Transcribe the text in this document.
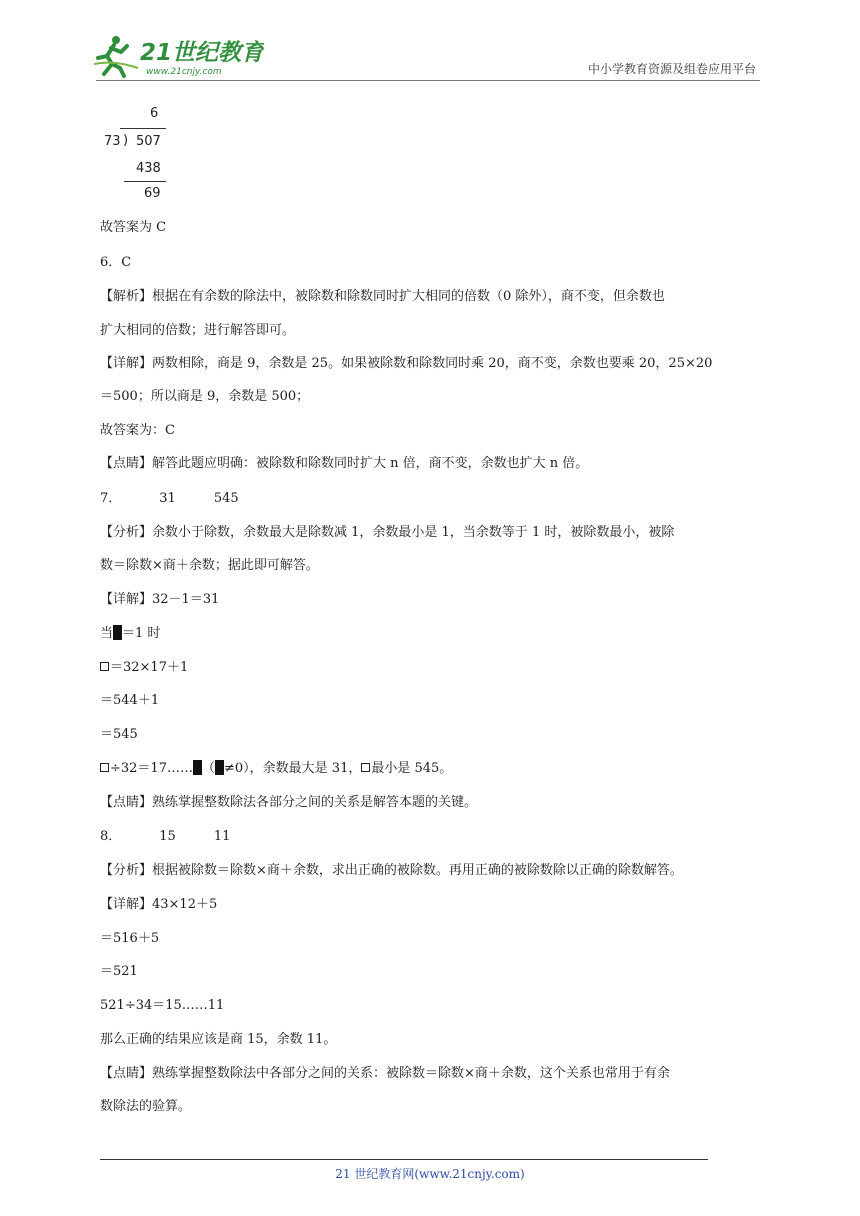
21世纪教育
www.21cnjy.com	中小学教育资源及组卷应用平台
6
73 ) 507
438
69
故答案为 C
6．C
【解析】根据在有余数的除法中，被除数和除数同时扩大相同的倍数（0 除外），商不变，但余数也
扩大相同的倍数；进行解答即可。
【详解】两数相除，商是 9，余数是 25。如果被除数和除数同时乘 20，商不变，余数也要乘 20，25×20
＝500；所以商是 9，余数是 500；
故答案为：C
【点睛】解答此题应明确：被除数和除数同时扩大 n 倍，商不变，余数也扩大 n 倍。
7．	31	545
【分析】余数小于除数，余数最大是除数减 1，余数最小是 1，当余数等于 1 时，被除数最小，被除
数＝除数×商＋余数；据此即可解答。
【详解】32－1＝31
当 ＝1 时
＝32×17＋1
＝544＋1
＝545
÷32＝17…… （ ≠0），余数最大是 31， 最小是 545。
【点睛】熟练掌握整数除法各部分之间的关系是解答本题的关键。
8．	15	11
【分析】根据被除数＝除数×商＋余数，求出正确的被除数。再用正确的被除数除以正确的除数解答。
【详解】43×12＋5
＝516＋5
＝521
521÷34＝15……11
那么正确的结果应该是商 15，余数 11。
【点睛】熟练掌握整数除法中各部分之间的关系：被除数＝除数×商＋余数，这个关系也常用于有余
数除法的验算。
21 世纪教育网(www.21cnjy.com)
